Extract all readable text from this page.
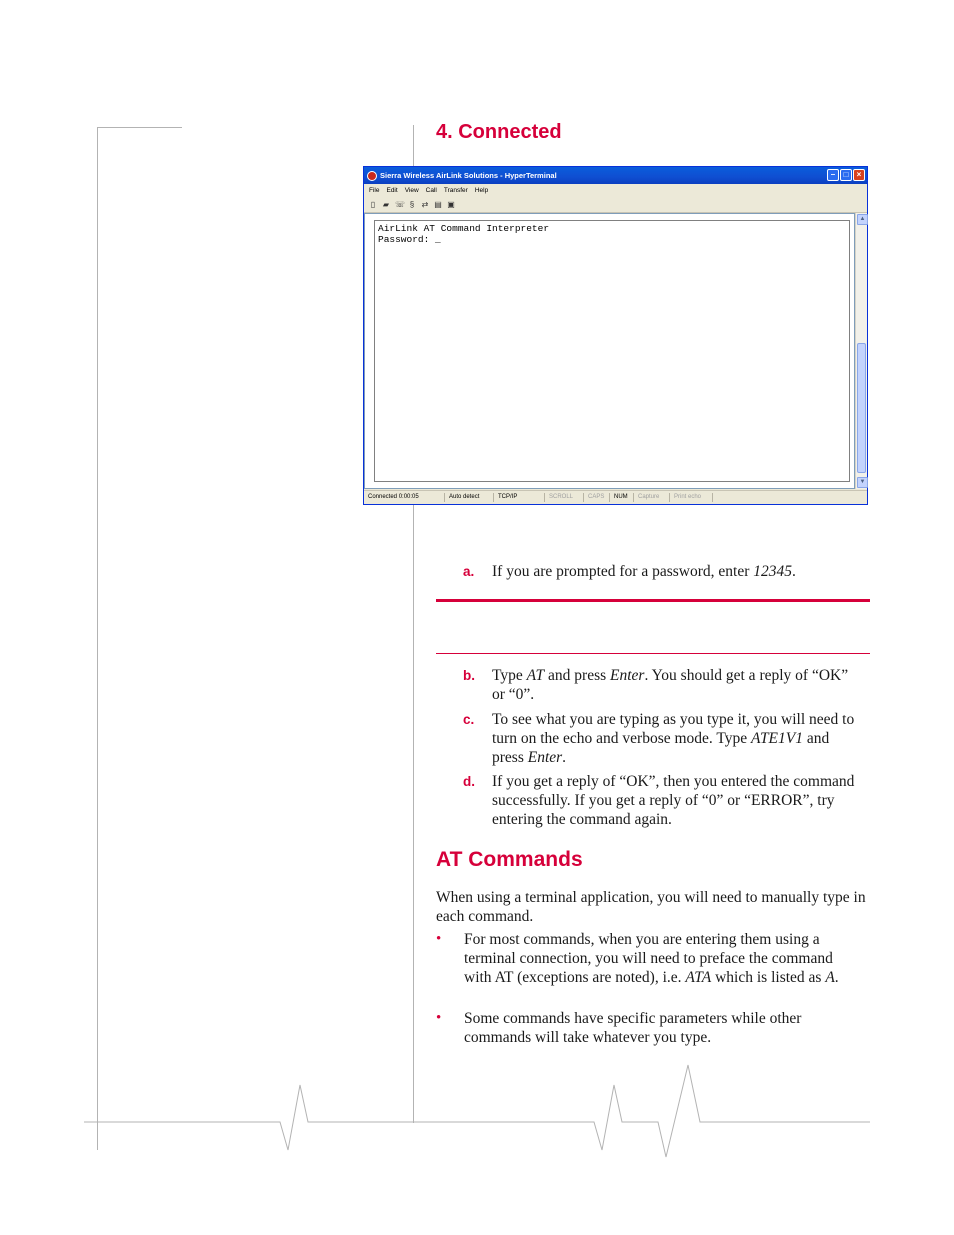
4. Connected
Sierra Wireless AirLink Solutions - HyperTerminal	–	□	×
File Edit View Call Transfer Help
▯ ▰ ☏ § ⇄ ▤ ▣
AirLink AT Command Interpreter
Password: _
▲
▼
Connected 0:00:05	Auto detect	TCP/IP	SCROLL	CAPS	NUM	Capture	Print echo
a.	If you are prompted for a password, enter 12345.
b.	Type AT and press Enter. You should get a reply of “OK” or “0”.
c.	To see what you are typing as you type it, you will need to turn on the echo and verbose mode. Type ATE1V1 and press Enter.
d.	If you get a reply of “OK”, then you entered the command successfully. If you get a reply of “0” or “ERROR”, try entering the command again.
AT Commands

When using a terminal application, you will need to manually type in each command.

•	For most commands, when you are entering them using a terminal connection, you will need to preface the command with AT (exceptions are noted), i.e. ATA which is listed as A.
•	Some commands have specific parameters while other commands will take whatever you type.
